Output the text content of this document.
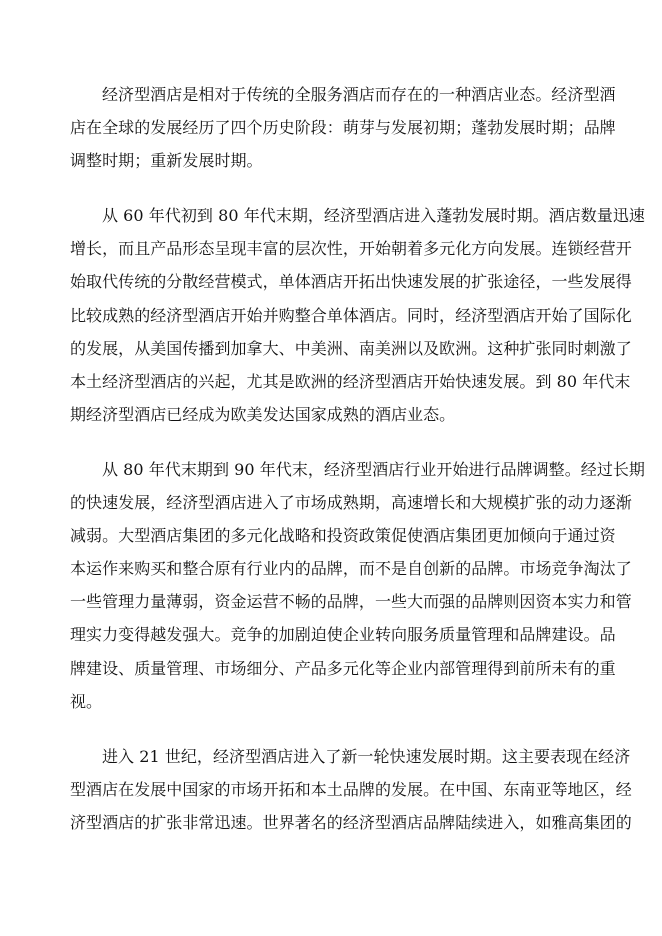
经济型酒店是相对于传统的全服务酒店而存在的一种酒店业态。经济型酒
店在全球的发展经历了四个历史阶段：萌芽与发展初期；蓬勃发展时期；品牌
调整时期；重新发展时期。

从 60 年代初到 80 年代末期，经济型酒店进入蓬勃发展时期。酒店数量迅速
增长，而且产品形态呈现丰富的层次性，开始朝着多元化方向发展。连锁经营开
始取代传统的分散经营模式，单体酒店开拓出快速发展的扩张途径，一些发展得
比较成熟的经济型酒店开始并购整合单体酒店。同时，经济型酒店开始了国际化
的发展，从美国传播到加拿大、中美洲、南美洲以及欧洲。这种扩张同时刺激了
本土经济型酒店的兴起，尤其是欧洲的经济型酒店开始快速发展。到 80 年代末
期经济型酒店已经成为欧美发达国家成熟的酒店业态。

从 80 年代末期到 90 年代末，经济型酒店行业开始进行品牌调整。经过长期
的快速发展，经济型酒店进入了市场成熟期，高速增长和大规模扩张的动力逐渐
减弱。大型酒店集团的多元化战略和投资政策促使酒店集团更加倾向于通过资
本运作来购买和整合原有行业内的品牌，而不是自创新的品牌。市场竞争淘汰了
一些管理力量薄弱，资金运营不畅的品牌，一些大而强的品牌则因资本实力和管
理实力变得越发强大。竞争的加剧迫使企业转向服务质量管理和品牌建设。品
牌建设、质量管理、市场细分、产品多元化等企业内部管理得到前所未有的重
视。

进入 21 世纪，经济型酒店进入了新一轮快速发展时期。这主要表现在经济
型酒店在发展中国家的市场开拓和本土品牌的发展。在中国、东南亚等地区，经
济型酒店的扩张非常迅速。世界著名的经济型酒店品牌陆续进入，如雅高集团的
